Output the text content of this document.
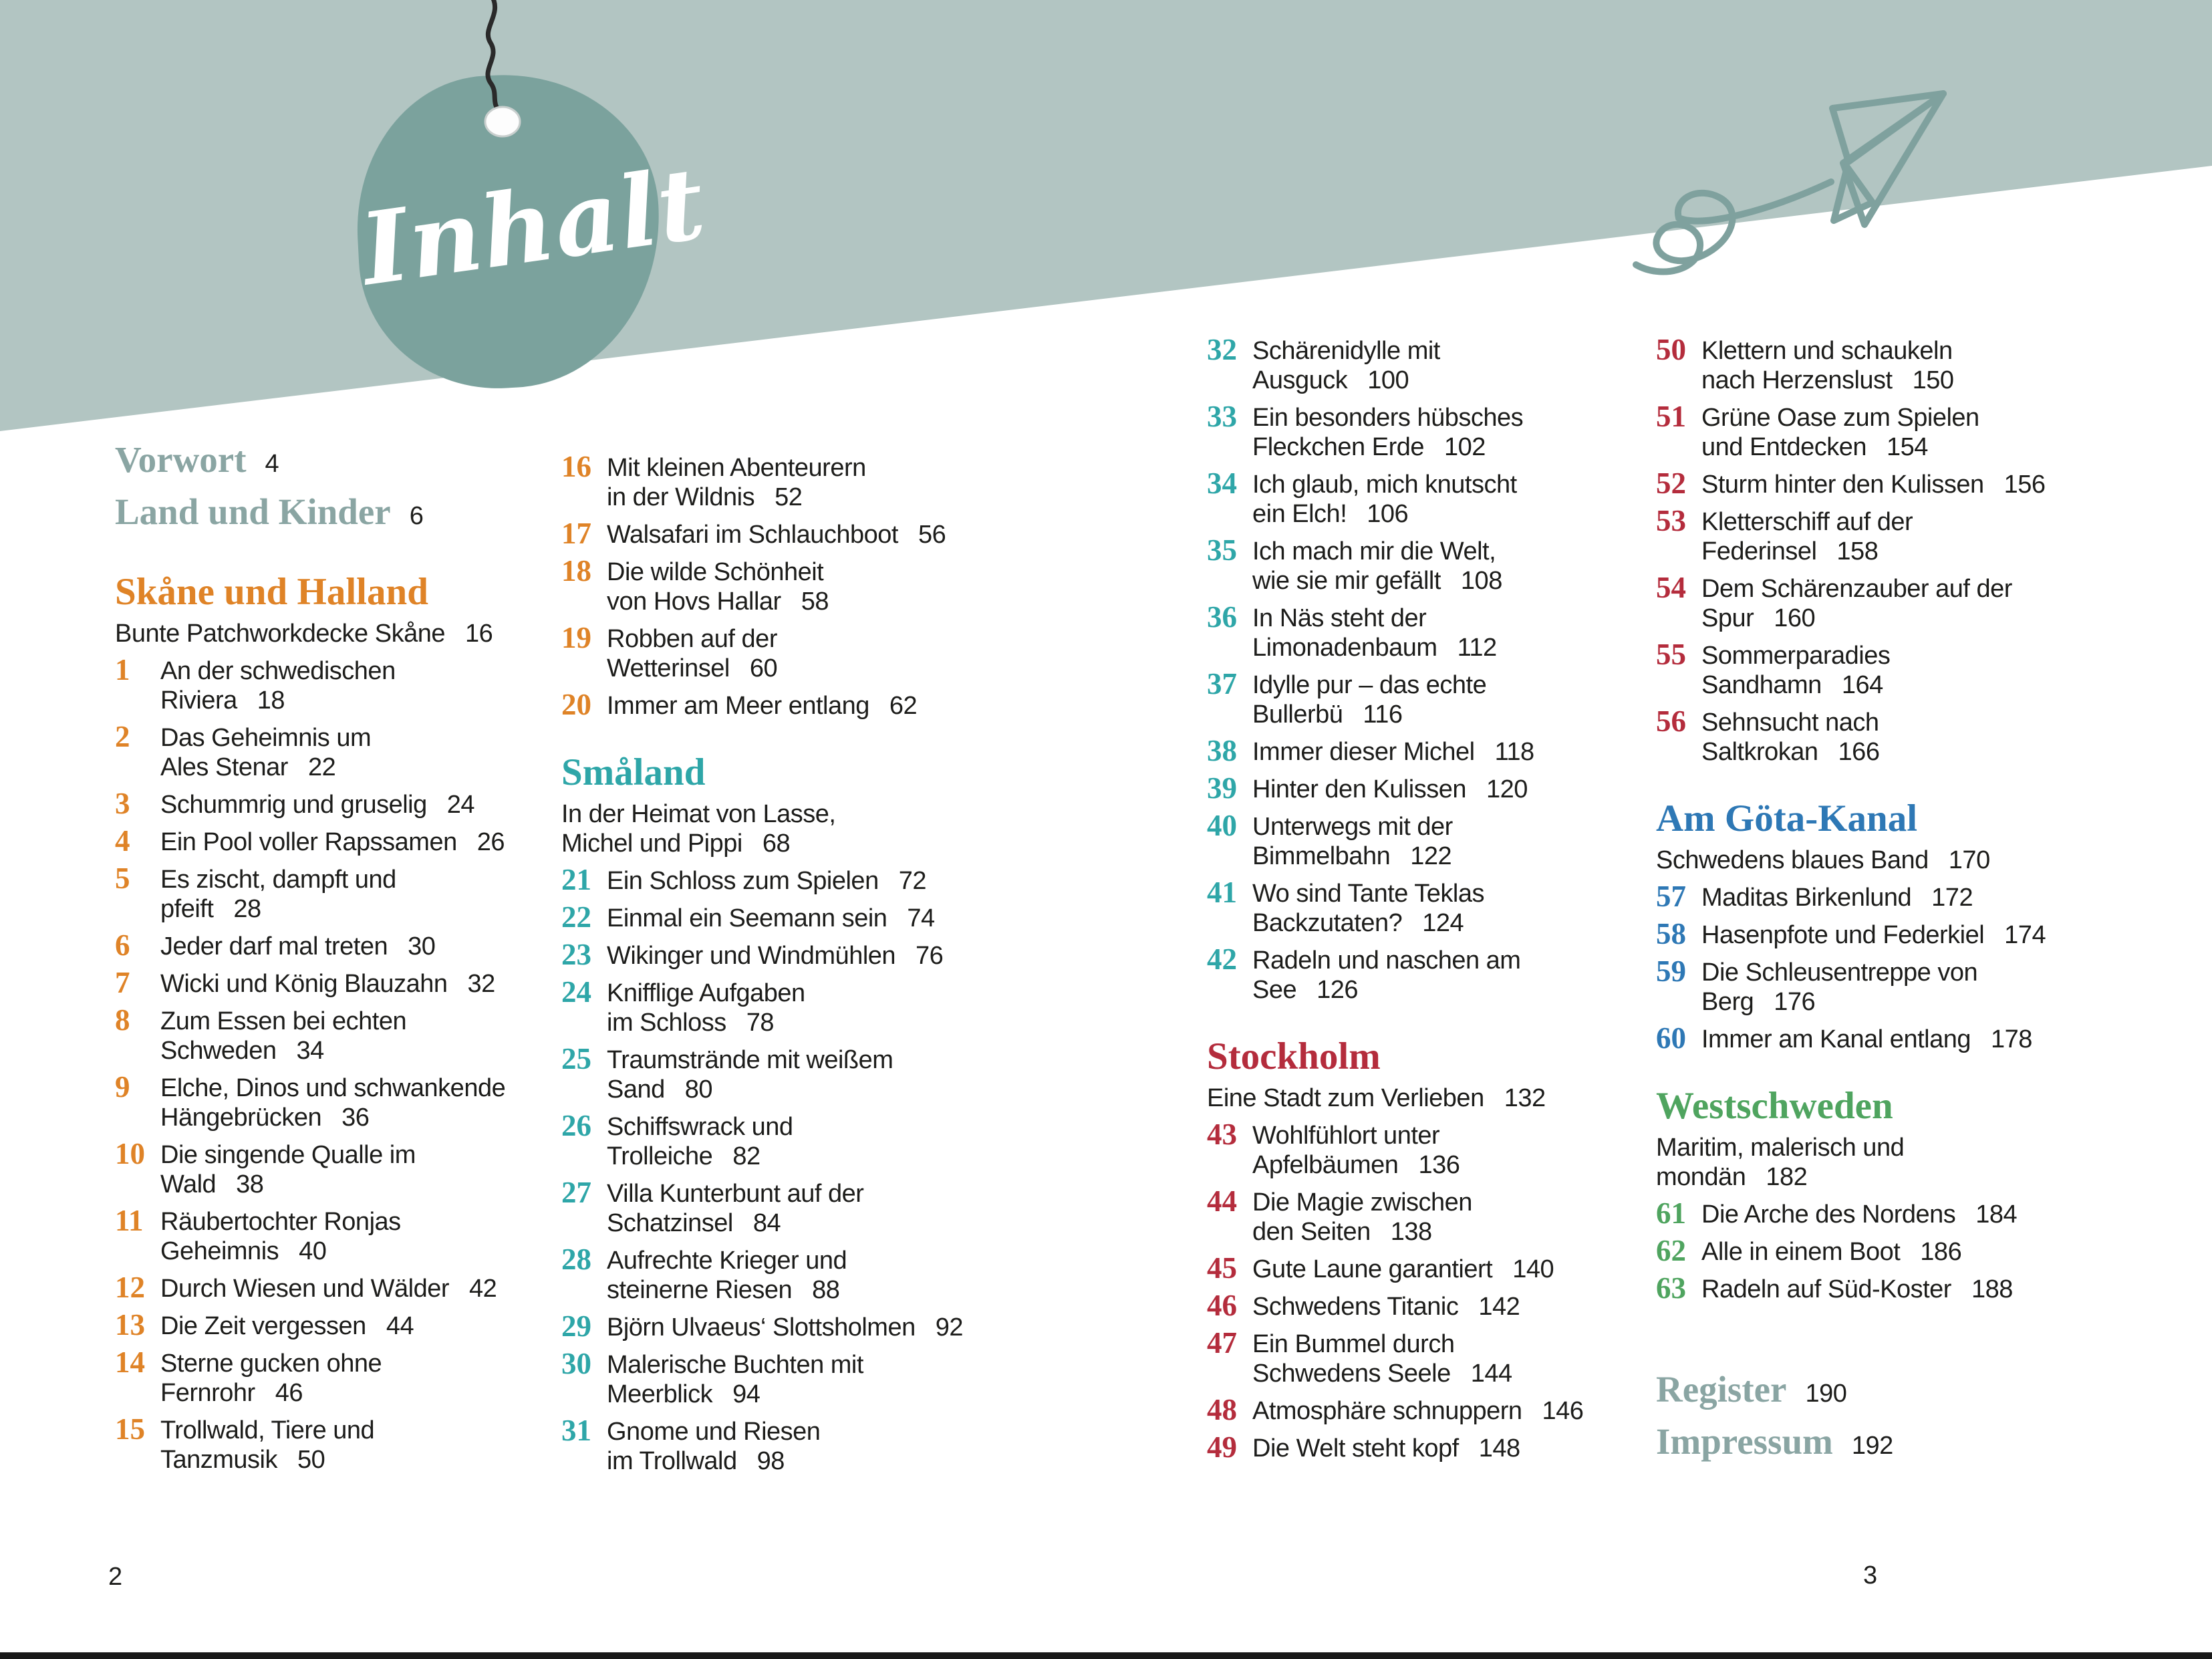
Inhalt
Vorwort 4
Land und Kinder 6
Skåne und Halland
Bunte Patchworkdecke Skåne 16
1 An der schwedischen
Riviera 18
2 Das Geheimnis um
Ales Stenar 22
3 Schummrig und gruselig 24
4 Ein Pool voller Rapssamen 26
5 Es zischt, dampft und
pfeift 28
6 Jeder darf mal treten 30
7 Wicki und König Blauzahn 32
8 Zum Essen bei echten
Schweden 34
9 Elche, Dinos und schwankende
Hängebrücken 36
10 Die singende Qualle im
Wald 38
11 Räubertochter Ronjas
Geheimnis 40
12 Durch Wiesen und Wälder 42
13 Die Zeit vergessen 44
14 Sterne gucken ohne
Fernrohr 46
15 Trollwald, Tiere und
Tanzmusik 50
16 Mit kleinen Abenteurern
in der Wildnis 52
17 Walsafari im Schlauchboot 56
18 Die wilde Schönheit
von Hovs Hallar 58
19 Robben auf der
Wetterinsel 60
20 Immer am Meer entlang 62
Småland
In der Heimat von Lasse,
Michel und Pippi 68
21 Ein Schloss zum Spielen 72
22 Einmal ein Seemann sein 74
23 Wikinger und Windmühlen 76
24 Knifflige Aufgaben
im Schloss 78
25 Traumstrände mit weißem
Sand 80
26 Schiffswrack und
Trolleiche 82
27 Villa Kunterbunt auf der
Schatzinsel 84
28 Aufrechte Krieger und
steinerne Riesen 88
29 Björn Ulvaeus‘ Slottsholmen 92
30 Malerische Buchten mit
Meerblick 94
31 Gnome und Riesen
im Trollwald 98
32 Schärenidylle mit
Ausguck 100
33 Ein besonders hübsches
Fleckchen Erde 102
34 Ich glaub, mich knutscht
ein Elch! 106
35 Ich mach mir die Welt,
wie sie mir gefällt 108
36 In Näs steht der
Limonadenbaum 112
37 Idylle pur – das echte
Bullerbü 116
38 Immer dieser Michel 118
39 Hinter den Kulissen 120
40 Unterwegs mit der
Bimmelbahn 122
41 Wo sind Tante Teklas
Backzutaten? 124
42 Radeln und naschen am
See 126
Stockholm
Eine Stadt zum Verlieben 132
43 Wohlfühlort unter
Apfelbäumen 136
44 Die Magie zwischen
den Seiten 138
45 Gute Laune garantiert 140
46 Schwedens Titanic 142
47 Ein Bummel durch
Schwedens Seele 144
48 Atmosphäre schnuppern 146
49 Die Welt steht kopf 148
50 Klettern und schaukeln
nach Herzenslust 150
51 Grüne Oase zum Spielen
und Entdecken 154
52 Sturm hinter den Kulissen 156
53 Kletterschiff auf der
Federinsel 158
54 Dem Schärenzauber auf der
Spur 160
55 Sommerparadies
Sandhamn 164
56 Sehnsucht nach
Saltkrokan 166
Am Göta-Kanal
Schwedens blaues Band 170
57 Maditas Birkenlund 172
58 Hasenpfote und Federkiel 174
59 Die Schleusentreppe von
Berg 176
60 Immer am Kanal entlang 178
Westschweden
Maritim, malerisch und
mondän 182
61 Die Arche des Nordens 184
62 Alle in einem Boot 186
63 Radeln auf Süd-Koster 188
Register 190
Impressum 192
2	3
